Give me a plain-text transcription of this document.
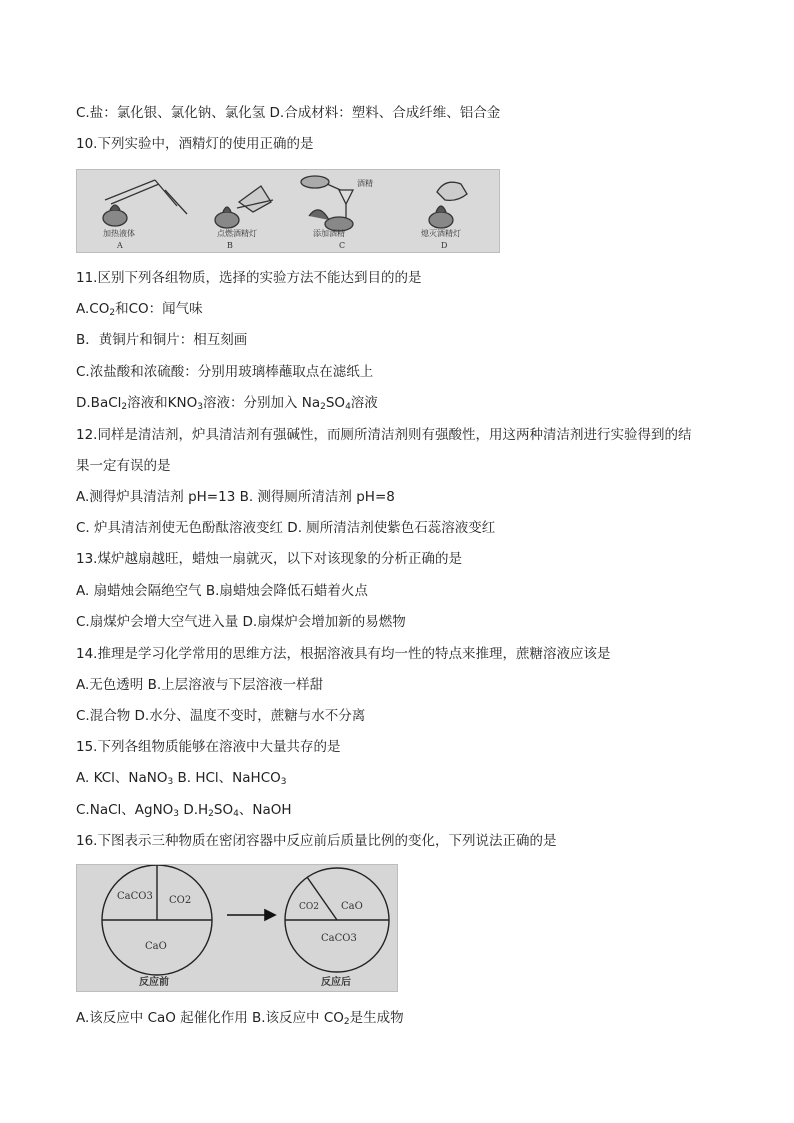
C.盐：氯化银、氯化钠、氯化氢 D.合成材料：塑料、合成纤维、铝合金
10.下列实验中，酒精灯的使用正确的是
酒精
加热液体	点燃酒精灯	添加酒精	熄灭酒精灯
A	B	C	D
11.区别下列各组物质，选择的实验方法不能达到目的的是
$A.CO_2$和CO：闻气味
B．黄铜片和铜片：相互刻画
C.浓盐酸和浓硫酸：分别用玻璃棒蘸取点在滤纸上
D.BaCl$_2$溶液和$KNO_3$溶液：分别加入 $Na_2SO_4$溶液
12.同样是清洁剂，炉具清洁剂有强碱性，而厕所清洁剂则有强酸性，用这两种清洁剂进行实验得到的结
果一定有误的是
A.测得炉具清洁剂 pH=13 B. 测得厕所清洁剂 pH=8
C. 炉具清洁剂使无色酚酞溶液变红 D. 厕所清洁剂使紫色石蕊溶液变红
13.煤炉越扇越旺，蜡烛一扇就灭，以下对该现象的分析正确的是
A. 扇蜡烛会隔绝空气 B.扇蜡烛会降低石蜡着火点
C.扇煤炉会增大空气进入量 D.扇煤炉会增加新的易燃物
14.推理是学习化学常用的思维方法，根据溶液具有均一性的特点来推理，蔗糖溶液应该是
A.无色透明 B.上层溶液与下层溶液一样甜
C.混合物 D.水分、温度不变时，蔗糖与水不分离
15.下列各组物质能够在溶液中大量共存的是
A. KCl、NaNO$_3$ B. HCl、NaHCO$_3$
C.NaCl、AgNO$_3$ $D.H_2SO_4$、NaOH
16.下图表示三种物质在密闭容器中反应前后质量比例的变化，下列说法正确的是
CaCO3 CO2
CaO
反应前
CO2 CaO
CaCO3
反应后
A.该反应中 CaO 起催化作用 B.该反应中 $CO_2$是生成物
